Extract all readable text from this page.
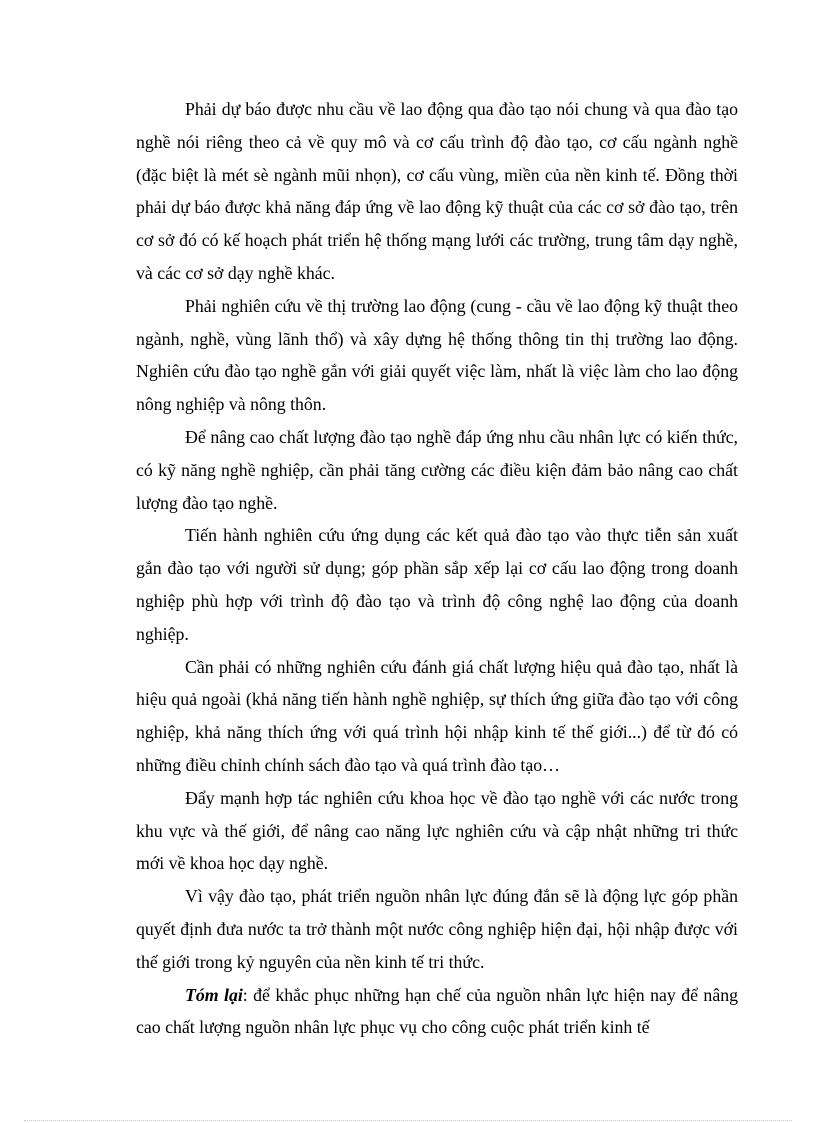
Phải dự báo được nhu cầu về lao động qua đào tạo nói chung và qua đào tạo nghề nói riêng theo cả về quy mô và cơ cấu trình độ đào tạo, cơ cấu ngành nghề (đặc biệt là mét sè ngành mũi nhọn), cơ cấu vùng, miền của nền kinh tế. Đồng thời phải dự báo được khả năng đáp ứng về lao động kỹ thuật của các cơ sở đào tạo, trên cơ sở đó có kế hoạch phát triển hệ thống mạng lưới các trường, trung tâm dạy nghề, và các cơ sở dạy nghề khác.

Phải nghiên cứu về thị trường lao động (cung - cầu về lao động kỹ thuật theo ngành, nghề, vùng lãnh thổ) và xây dựng hệ thống thông tin thị trường lao động. Nghiên cứu đào tạo nghề gắn với giải quyết việc làm, nhất là việc làm cho lao động nông nghiệp và nông thôn.

Để nâng cao chất lượng đào tạo nghề đáp ứng nhu cầu nhân lực có kiến thức, có kỹ năng nghề nghiệp, cần phải tăng cường các điều kiện đảm bảo nâng cao chất lượng đào tạo nghề.

Tiến hành nghiên cứu ứng dụng các kết quả đào tạo vào thực tiễn sản xuất gắn đào tạo với người sử dụng; góp phần sắp xếp lại cơ cấu lao động trong doanh nghiệp phù hợp với trình độ đào tạo và trình độ công nghệ lao động của doanh nghiệp.

Cần phải có những nghiên cứu đánh giá chất lượng hiệu quả đào tạo, nhất là hiệu quả ngoài (khả năng tiến hành nghề nghiệp, sự thích ứng giữa đào tạo với công nghiệp, khả năng thích ứng với quá trình hội nhập kinh tế thế giới...) để từ đó có những điều chỉnh chính sách đào tạo và quá trình đào tạo…

Đẩy mạnh hợp tác nghiên cứu khoa học về đào tạo nghề với các nước trong khu vực và thế giới, để nâng cao năng lực nghiên cứu và cập nhật những tri thức mới về khoa học dạy nghề.

Vì vậy đào tạo, phát triển nguồn nhân lực đúng đắn sẽ là động lực góp phần quyết định đưa nước ta trở thành một nước công nghiệp hiện đại, hội nhập được với thế giới trong kỷ nguyên của nền kinh tế tri thức.

Tóm lại: để khắc phục những hạn chế của nguồn nhân lực hiện nay để nâng cao chất lượng nguồn nhân lực phục vụ cho công cuộc phát triển kinh tế
